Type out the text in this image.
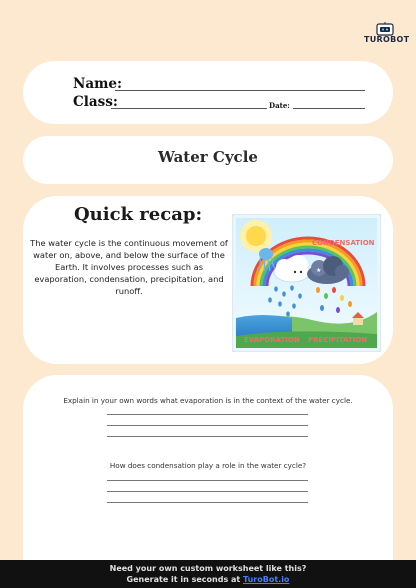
TUROBOT
Name:
Class:	Date:
Water Cycle
Quick recap:
The water cycle is the continuous movement of water on, above, and below the surface of the Earth. It involves processes such as evaporation, condensation, precipitation, and runoff.
CONDENSATION
★
EVAPORATION PRECIPITATION
Explain in your own words what evaporation is in the context of the water cycle.
How does condensation play a role in the water cycle?
Need your own custom worksheet like this?
Generate it in seconds at TuroBot.io
